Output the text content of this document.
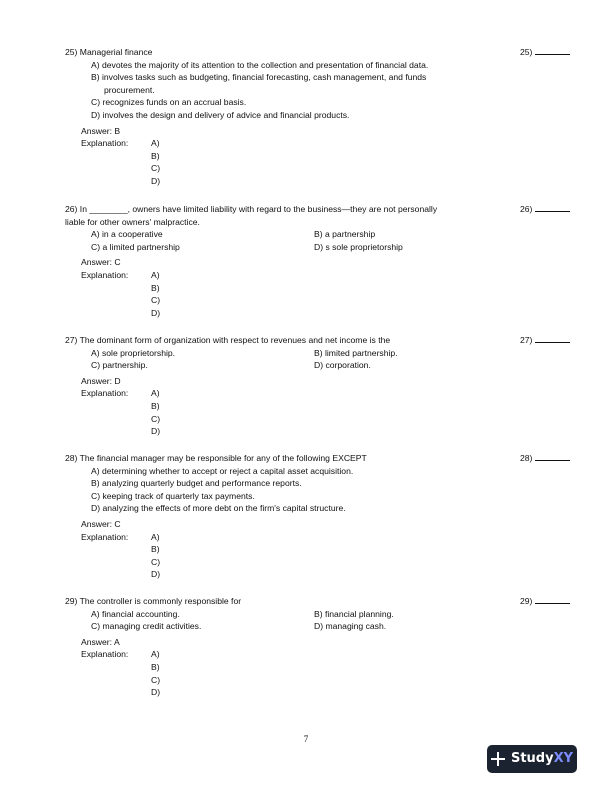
25) Managerial finance	25)
A) devotes the majority of its attention to the collection and presentation of financial data.
B) involves tasks such as budgeting, financial forecasting, cash management, and funds
procurement.
C) recognizes funds on an accrual basis.
D) involves the design and delivery of advice and financial products.
Answer: B
Explanation:	A)
B)
C)
D)
26) In ________, owners have limited liability with regard to the business—they are not personally
liable for other owners' malpractice.
26)
A) in a cooperative	B) a partnership
C) a limited partnership	D) s sole proprietorship
Answer: C
Explanation:	A)
B)
C)
D)
27) The dominant form of organization with respect to revenues and net income is the	27)
A) sole proprietorship.	B) limited partnership.
C) partnership.	D) corporation.
Answer: D
Explanation:	A)
B)
C)
D)
28) The financial manager may be responsible for any of the following EXCEPT	28)
A) determining whether to accept or reject a capital asset acquisition.
B) analyzing quarterly budget and performance reports.
C) keeping track of quarterly tax payments.
D) analyzing the effects of more debt on the firm's capital structure.
Answer: C
Explanation:	A)
B)
C)
D)
29) The controller is commonly responsible for	29)
A) financial accounting.	B) financial planning.
C) managing credit activities.	D) managing cash.
Answer: A
Explanation:	A)
B)
C)
D)
7
Study XY
